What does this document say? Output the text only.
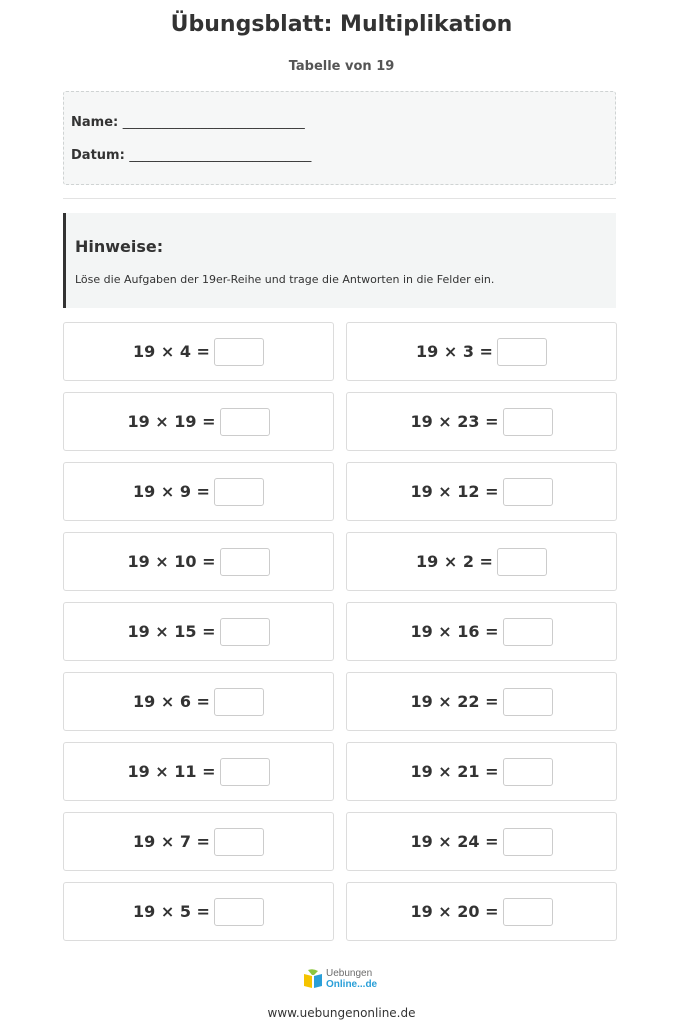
Übungsblatt: Multiplikation
Tabelle von 19
Name: ____________________________
Datum: ____________________________
Hinweise:
Löse die Aufgaben der 19er-Reihe und trage die Antworten in die Felder ein.
19 × 4 =	19 × 3 =
19 × 19 =	19 × 23 =
19 × 9 =	19 × 12 =
19 × 10 =	19 × 2 =
19 × 15 =	19 × 16 =
19 × 6 =	19 × 22 =
19 × 11 =	19 × 21 =
19 × 7 =	19 × 24 =
19 × 5 =	19 × 20 =
Uebungen
Online...de
www.uebungenonline.de
